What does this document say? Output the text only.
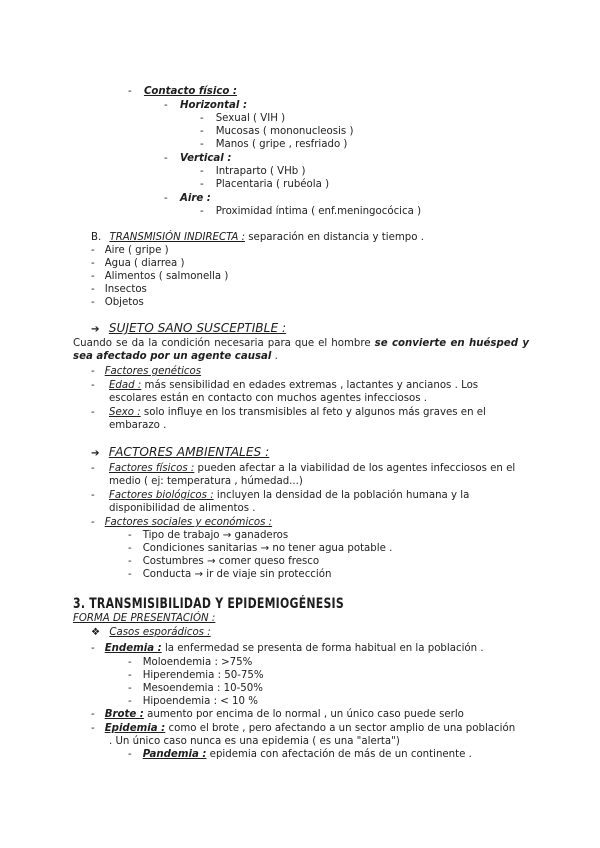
- Contacto físico :
- Horizontal :
- Sexual ( VIH )
- Mucosas ( mononucleosis )
- Manos ( gripe , resfriado )
- Vertical :
- Intraparto ( VHb )
- Placentaria ( rubéola )
- Aire :
- Proximidad íntima ( enf.meningocócica )
B. TRANSMISIÓN INDIRECTA : separación en distancia y tiempo .
- Aire ( gripe )
- Agua ( diarrea )
- Alimentos ( salmonella )
- Insectos
- Objetos
➔ SUJETO SANO SUSCEPTIBLE :
Cuando se da la condición necesaria para que el hombre se convierte en huésped y sea afectado por un agente causal .
- Factores genéticos
- Edad : más sensibilidad en edades extremas , lactantes y ancianos . Los
escolares están en contacto con muchos agentes infecciosos .
- Sexo : solo influye en los transmisibles al feto y algunos más graves en el
embarazo .
➔ FACTORES AMBIENTALES :
- Factores físicos : pueden afectar a la viabilidad de los agentes infecciosos en el
medio ( ej: temperatura , húmedad...)
- Factores biológicos : incluyen la densidad de la población humana y la
disponibilidad de alimentos .
- Factores sociales y económicos :
- Tipo de trabajo → ganaderos
- Condiciones sanitarias → no tener agua potable .
- Costumbres → comer queso fresco
- Conducta → ir de viaje sin protección
3. TRANSMISIBILIDAD Y EPIDEMIOGÉNESIS
FORMA DE PRESENTACIÓN :
❖ Casos esporádicos :
- Endemia : la enfermedad se presenta de forma habitual en la población .
- Moloendemia : >75%
- Hiperendemia : 50-75%
- Mesoendemia : 10-50%
- Hipoendemia : < 10 %
- Brote : aumento por encima de lo normal , un único caso puede serlo
- Epidemia : como el brote , pero afectando a un sector amplio de una población
. Un único caso nunca es una epidemia ( es una "alerta")
- Pandemia : epidemia con afectación de más de un continente .
